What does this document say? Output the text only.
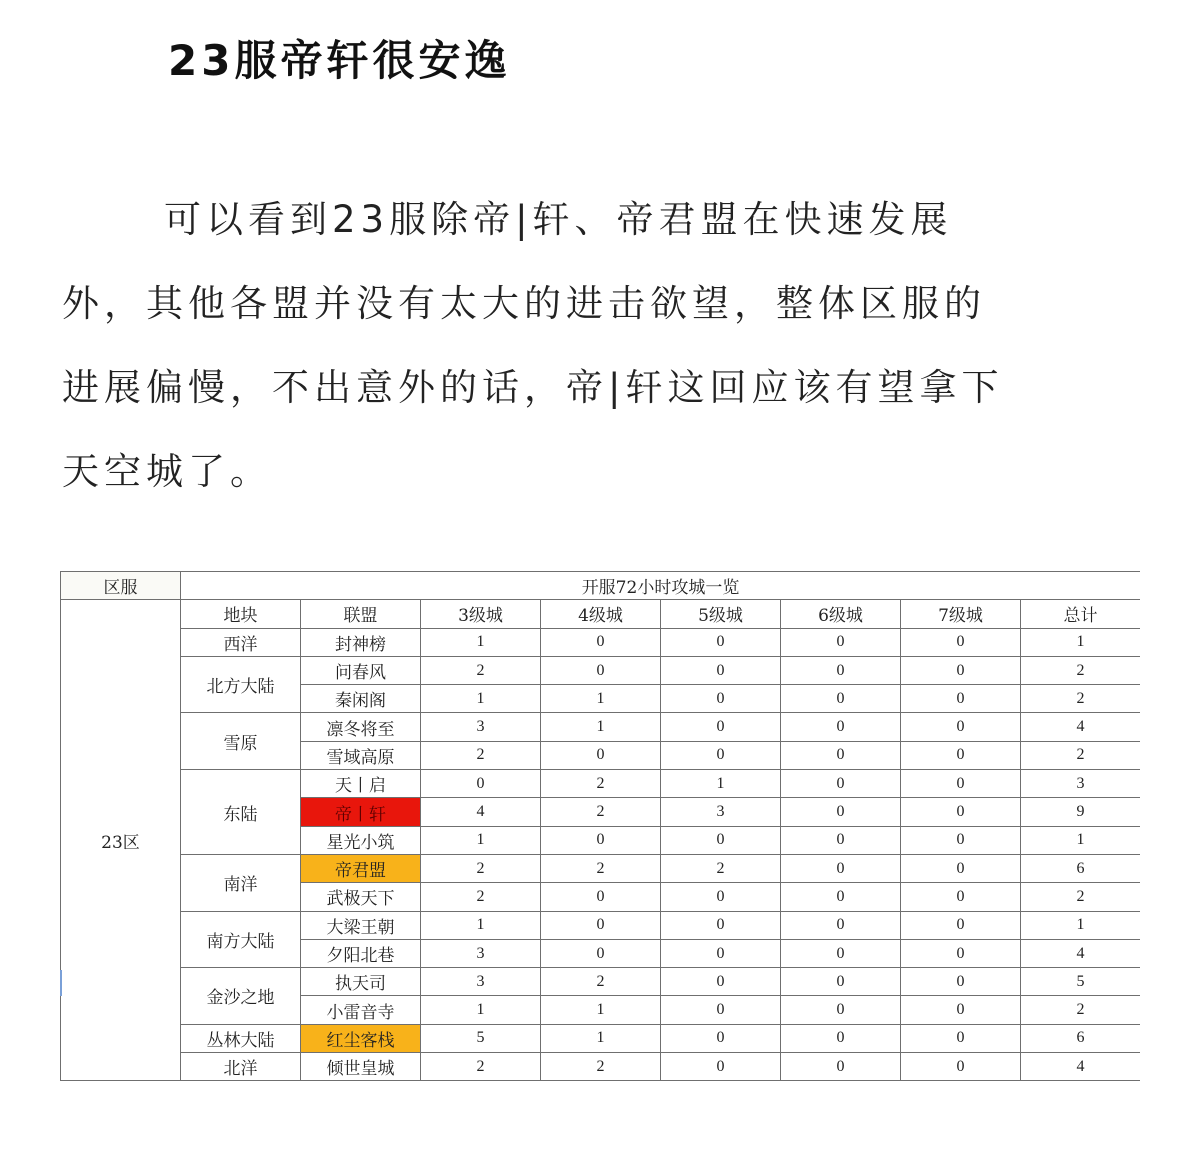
23服帝轩很安逸
可以看到23服除帝|轩、帝君盟在快速发展
外，其他各盟并没有太大的进击欲望，整体区服的
进展偏慢，不出意外的话，帝|轩这回应该有望拿下
天空城了。
区服	开服72小时攻城一览							
23区	地块	联盟	3级城	4级城	5级城	6级城	7级城	总计
	西洋	封神榜	1	0	0	0	0	1
	北方大陆	问春风	2	0	0	0	0	2
		秦闲阁	1	1	0	0	0	2
	雪原	凛冬将至	3	1	0	0	0	4
		雪域高原	2	0	0	0	0	2
	东陆	天丨启	0	2	1	0	0	3
		帝丨轩	4	2	3	0	0	9
		星光小筑	1	0	0	0	0	1
	南洋	帝君盟	2	2	2	0	0	6
		武极天下	2	0	0	0	0	2
	南方大陆	大梁王朝	1	0	0	0	0	1
		夕阳北巷	3	0	0	0	0	4
	金沙之地	执天司	3	2	0	0	0	5
		小雷音寺	1	1	0	0	0	2
	丛林大陆	红尘客栈	5	1	0	0	0	6
	北洋	倾世皇城	2	2	0	0	0	4
